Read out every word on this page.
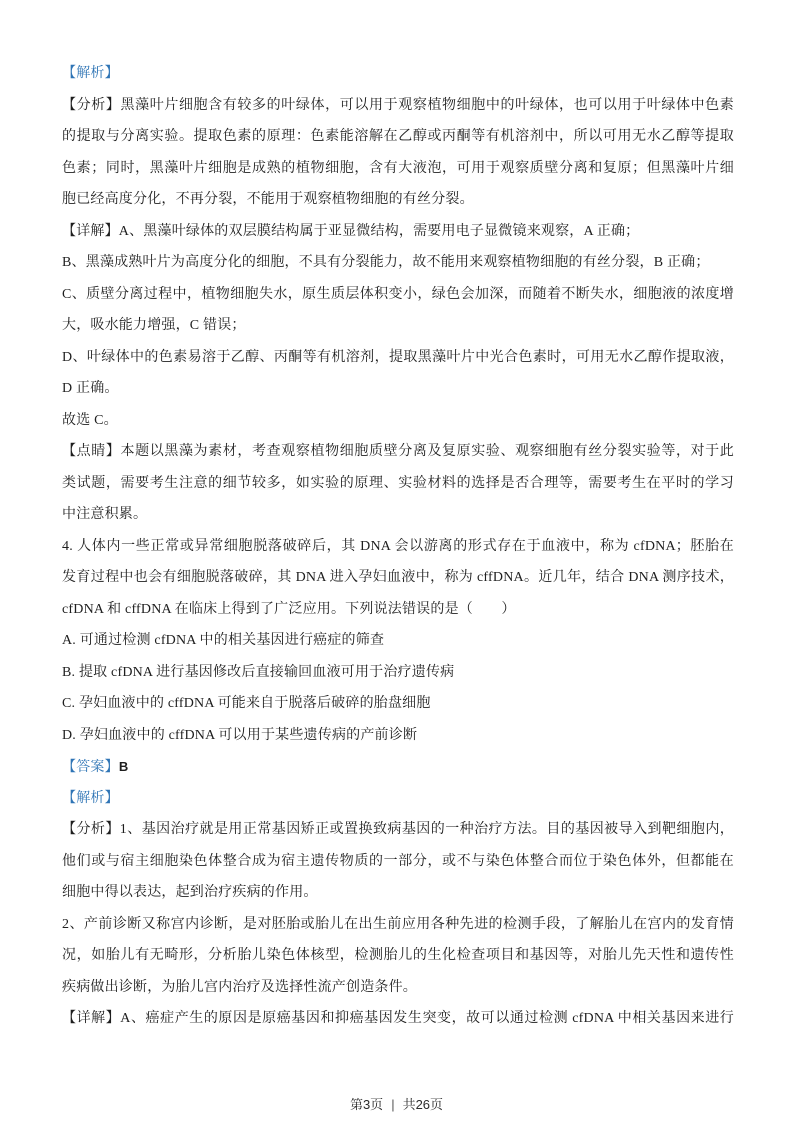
【解析】
【分析】黑藻叶片细胞含有较多的叶绿体，可以用于观察植物细胞中的叶绿体，也可以用于叶绿体中色素
的提取与分离实验。提取色素的原理：色素能溶解在乙醇或丙酮等有机溶剂中，所以可用无水乙醇等提取
色素；同时，黑藻叶片细胞是成熟的植物细胞，含有大液泡，可用于观察质壁分离和复原；但黑藻叶片细
胞已经高度分化，不再分裂，不能用于观察植物细胞的有丝分裂。
【详解】A、黑藻叶绿体的双层膜结构属于亚显微结构，需要用电子显微镜来观察，A 正确；
B、黑藻成熟叶片为高度分化的细胞，不具有分裂能力，故不能用来观察植物细胞的有丝分裂，B 正确；
C、质壁分离过程中，植物细胞失水，原生质层体积变小，绿色会加深，而随着不断失水，细胞液的浓度增
大，吸水能力增强，C 错误；
D、叶绿体中的色素易溶于乙醇、丙酮等有机溶剂，提取黑藻叶片中光合色素时，可用无水乙醇作提取液，
D 正确。
故选 C。
【点睛】本题以黑藻为素材，考查观察植物细胞质壁分离及复原实验、观察细胞有丝分裂实验等，对于此
类试题，需要考生注意的细节较多，如实验的原理、实验材料的选择是否合理等，需要考生在平时的学习
中注意积累。
4. 人体内一些正常或异常细胞脱落破碎后，其 DNA 会以游离的形式存在于血液中，称为 cfDNA；胚胎在
发育过程中也会有细胞脱落破碎，其 DNA 进入孕妇血液中，称为 cffDNA。近几年，结合 DNA 测序技术，
cfDNA 和 cffDNA 在临床上得到了广泛应用。下列说法错误的是（　　）
A. 可通过检测 cfDNA 中的相关基因进行癌症的筛查
B. 提取 cfDNA 进行基因修改后直接输回血液可用于治疗遗传病
C. 孕妇血液中的 cffDNA 可能来自于脱落后破碎的胎盘细胞
D. 孕妇血液中的 cffDNA 可以用于某些遗传病的产前诊断
【答案】B
【解析】
【分析】1、基因治疗就是用正常基因矫正或置换致病基因的一种治疗方法。目的基因被导入到靶细胞内，
他们或与宿主细胞染色体整合成为宿主遗传物质的一部分，或不与染色体整合而位于染色体外，但都能在
细胞中得以表达，起到治疗疾病的作用。
2、产前诊断又称宫内诊断，是对胚胎或胎儿在出生前应用各种先进的检测手段，了解胎儿在宫内的发育情
况，如胎儿有无畸形，分析胎儿染色体核型，检测胎儿的生化检查项目和基因等，对胎儿先天性和遗传性
疾病做出诊断，为胎儿宫内治疗及选择性流产创造条件。
【详解】A、癌症产生的原因是原癌基因和抑癌基因发生突变，故可以通过检测 cfDNA 中相关基因来进行
第3页 | 共26页
